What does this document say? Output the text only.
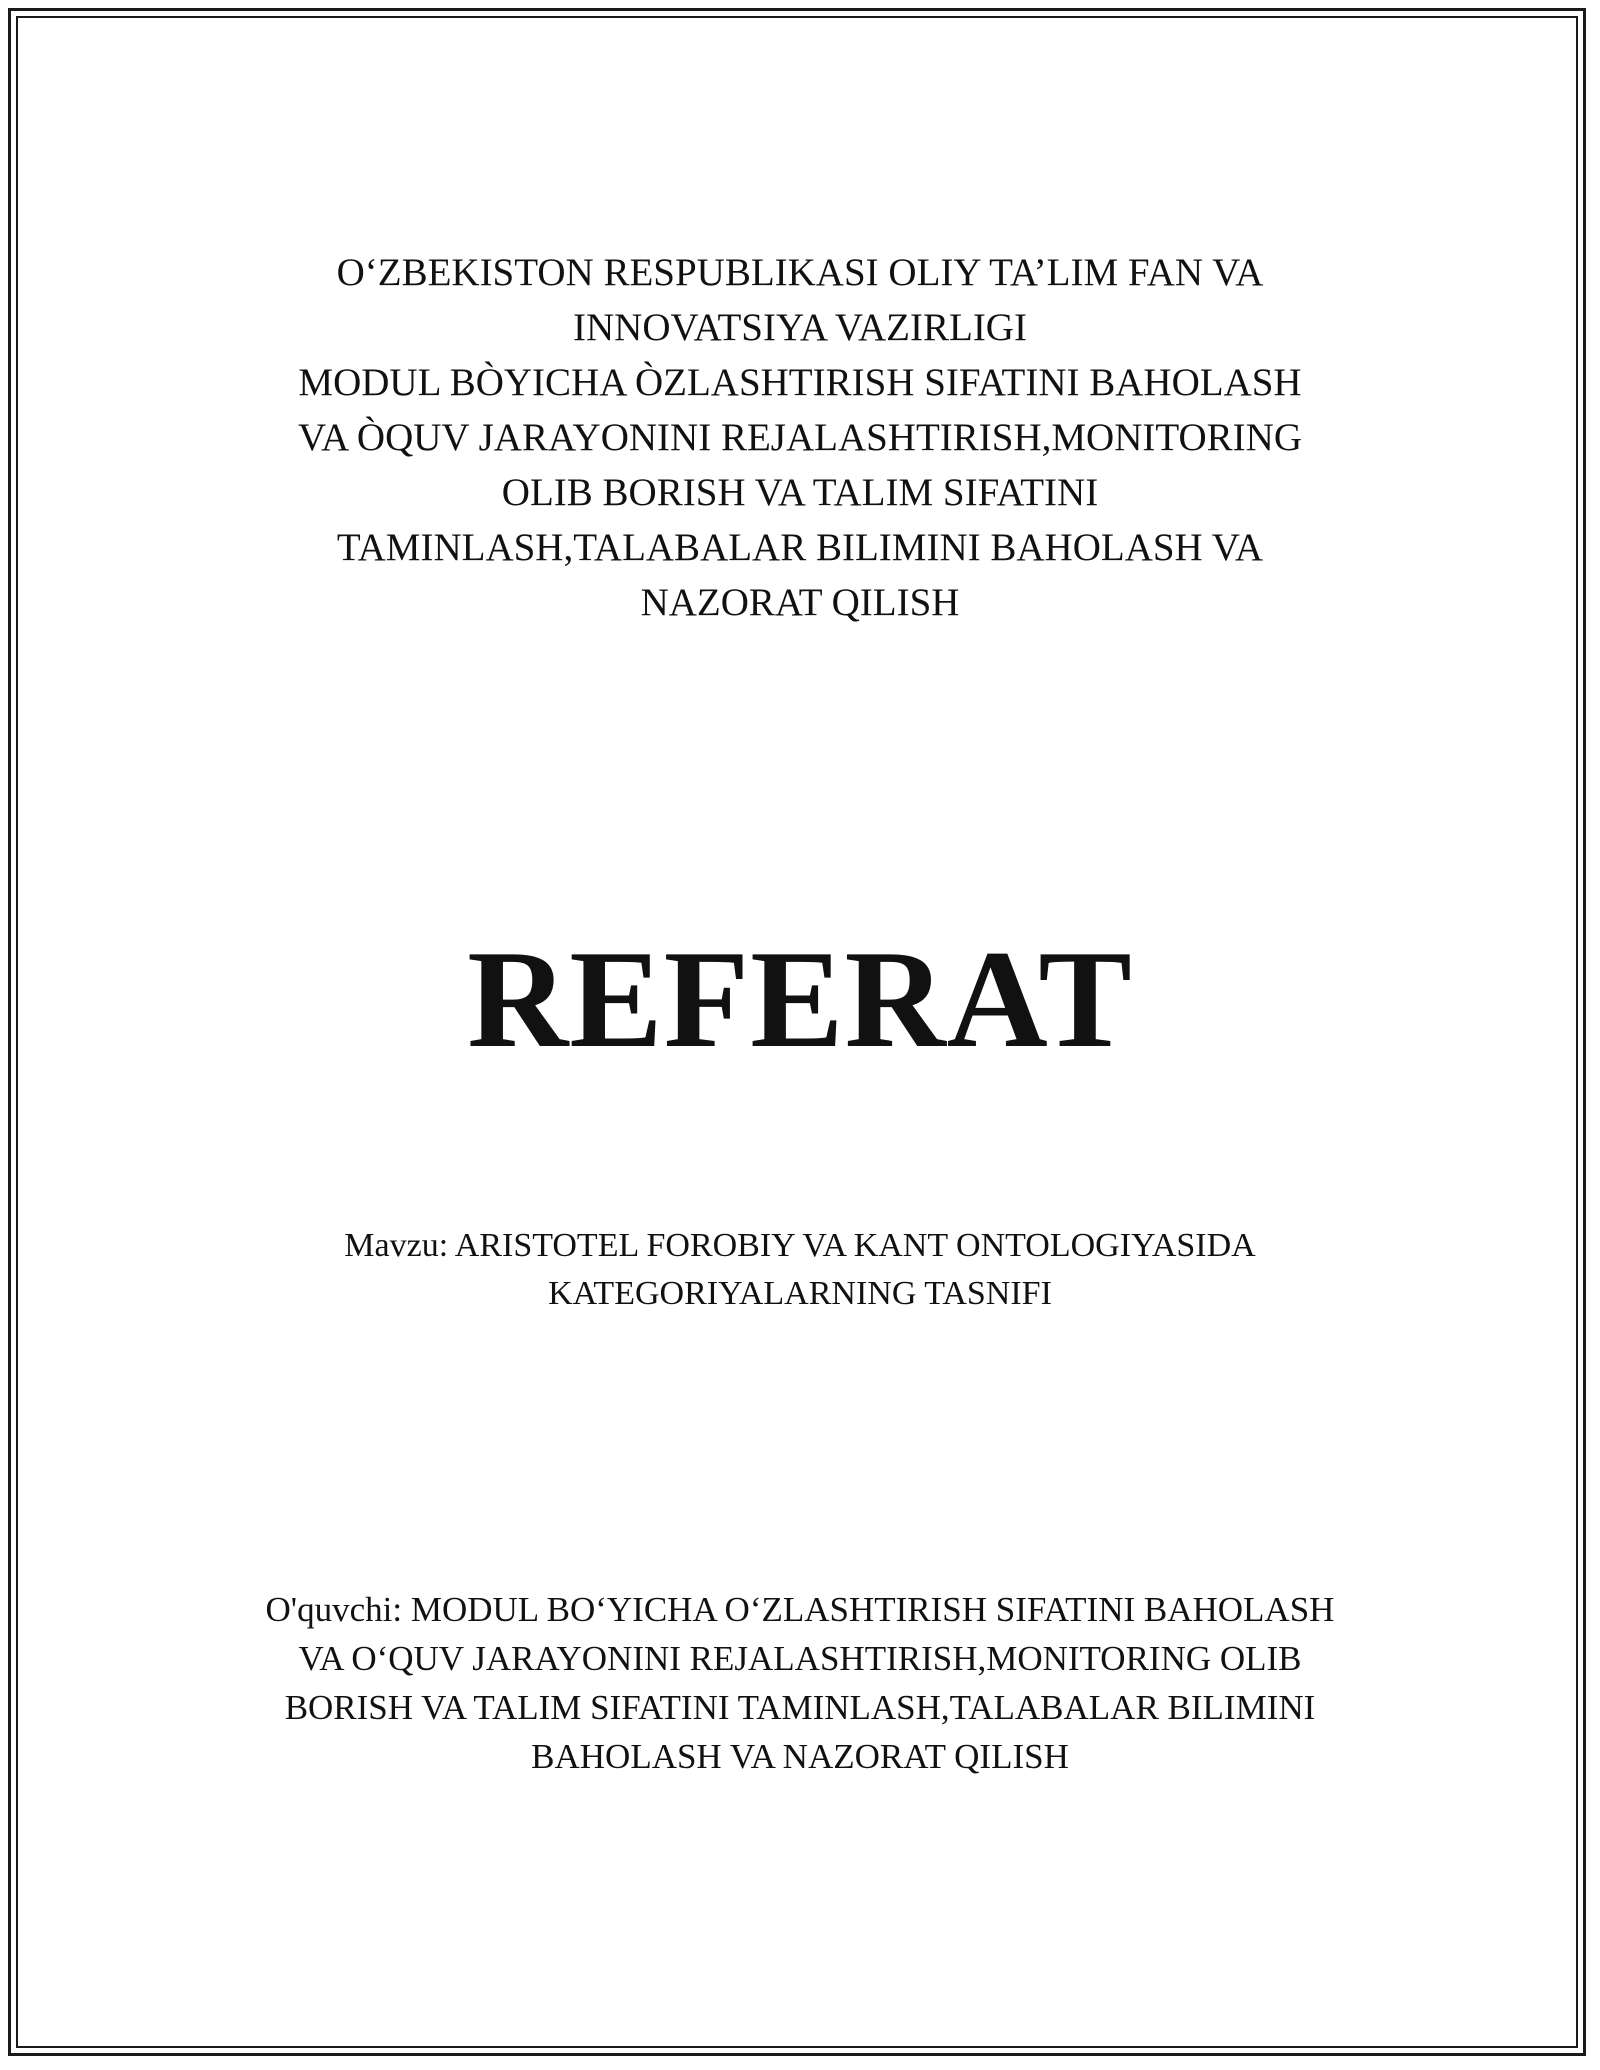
O‘ZBEKISTON RESPUBLIKASI OLIY TA’LIM FAN VA
INNOVATSIYA VAZIRLIGI
MODUL BÒYICHA ÒZLASHTIRISH SIFATINI BAHOLASH
VA ÒQUV JARAYONINI REJALASHTIRISH,MONITORING
OLIB BORISH VA TALIM SIFATINI
TAMINLASH,TALABALAR BILIMINI BAHOLASH VA
NAZORAT QILISH
REFERAT
Mavzu: ARISTOTEL FOROBIY VA KANT ONTOLOGIYASIDA
KATEGORIYALARNING TASNIFI
O'quvchi: MODUL BO‘YICHA O‘ZLASHTIRISH SIFATINI BAHOLASH
VA O‘QUV JARAYONINI REJALASHTIRISH,MONITORING OLIB
BORISH VA TALIM SIFATINI TAMINLASH,TALABALAR BILIMINI
BAHOLASH VA NAZORAT QILISH
